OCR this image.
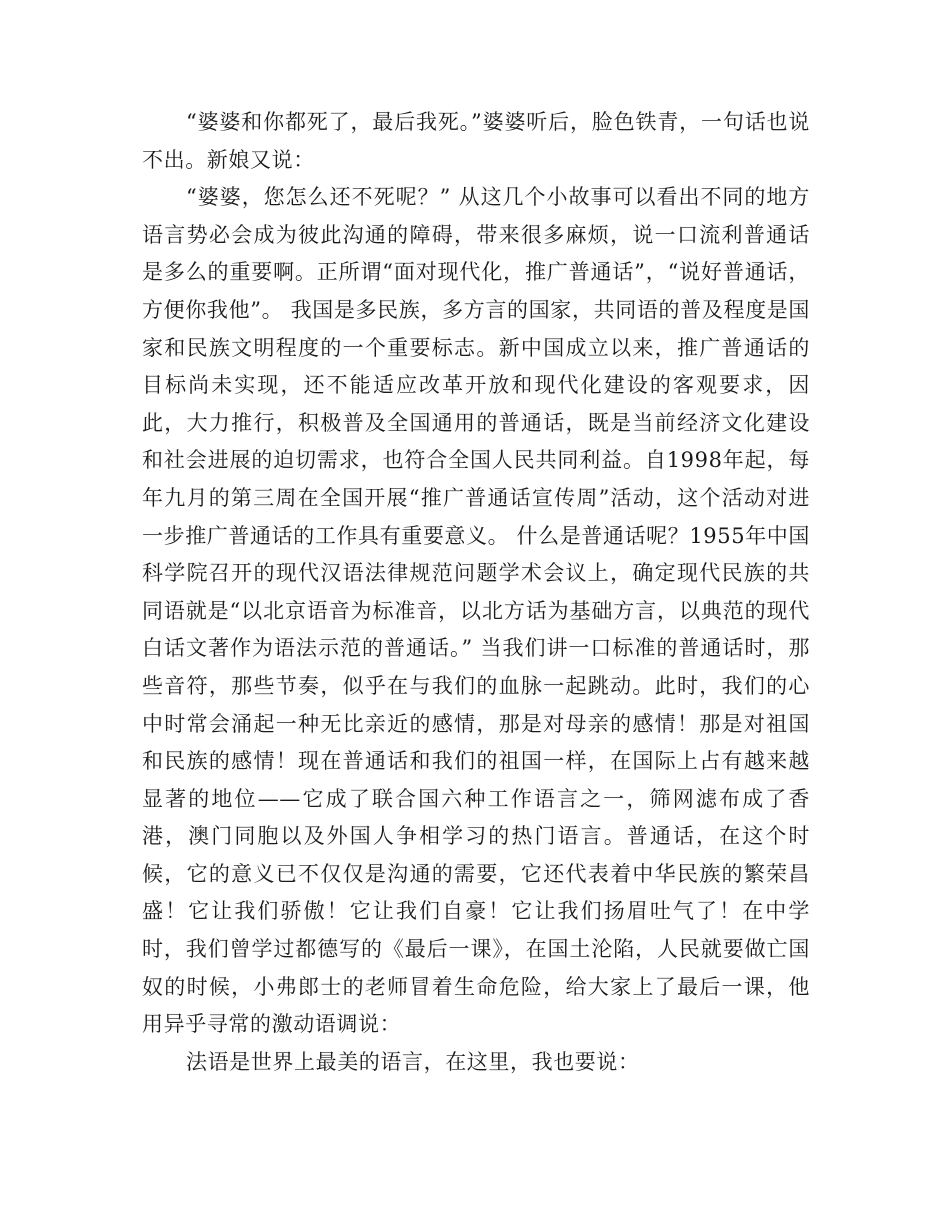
“婆婆和你都死了，最后我死。”婆婆听后，脸色铁青，一句话也说不出。新娘又说：

“婆婆，您怎么还不死呢？” 从这几个小故事可以看出不同的地方语言势必会成为彼此沟通的障碍，带来很多麻烦，说一口流利普通话是多么的重要啊。正所谓“面对现代化，推广普通话”，“说好普通话，方便你我他”。 我国是多民族，多方言的国家，共同语的普及程度是国家和民族文明程度的一个重要标志。新中国成立以来，推广普通话的目标尚未实现，还不能适应改革开放和现代化建设的客观要求，因此，大力推行，积极普及全国通用的普通话，既是当前经济文化建设和社会进展的迫切需求，也符合全国人民共同利益。自1998年起，每年九月的第三周在全国开展“推广普通话宣传周”活动，这个活动对进一步推广普通话的工作具有重要意义。 什么是普通话呢？1955年中国科学院召开的现代汉语法律规范问题学术会议上，确定现代民族的共同语就是“以北京语音为标准音，以北方话为基础方言，以典范的现代白话文著作为语法示范的普通话。” 当我们讲一口标准的普通话时，那些音符，那些节奏，似乎在与我们的血脉一起跳动。此时，我们的心中时常会涌起一种无比亲近的感情，那是对母亲的感情！那是对祖国和民族的感情！现在普通话和我们的祖国一样，在国际上占有越来越显著的地位——它成了联合国六种工作语言之一，筛网滤布成了香港，澳门同胞以及外国人争相学习的热门语言。普通话，在这个时候，它的意义已不仅仅是沟通的需要，它还代表着中华民族的繁荣昌盛！它让我们骄傲！它让我们自豪！它让我们扬眉吐气了！在中学时，我们曾学过都德写的《最后一课》，在国土沦陷，人民就要做亡国奴的时候，小弗郎士的老师冒着生命危险，给大家上了最后一课，他用异乎寻常的激动语调说：

法语是世界上最美的语言，在这里，我也要说：
